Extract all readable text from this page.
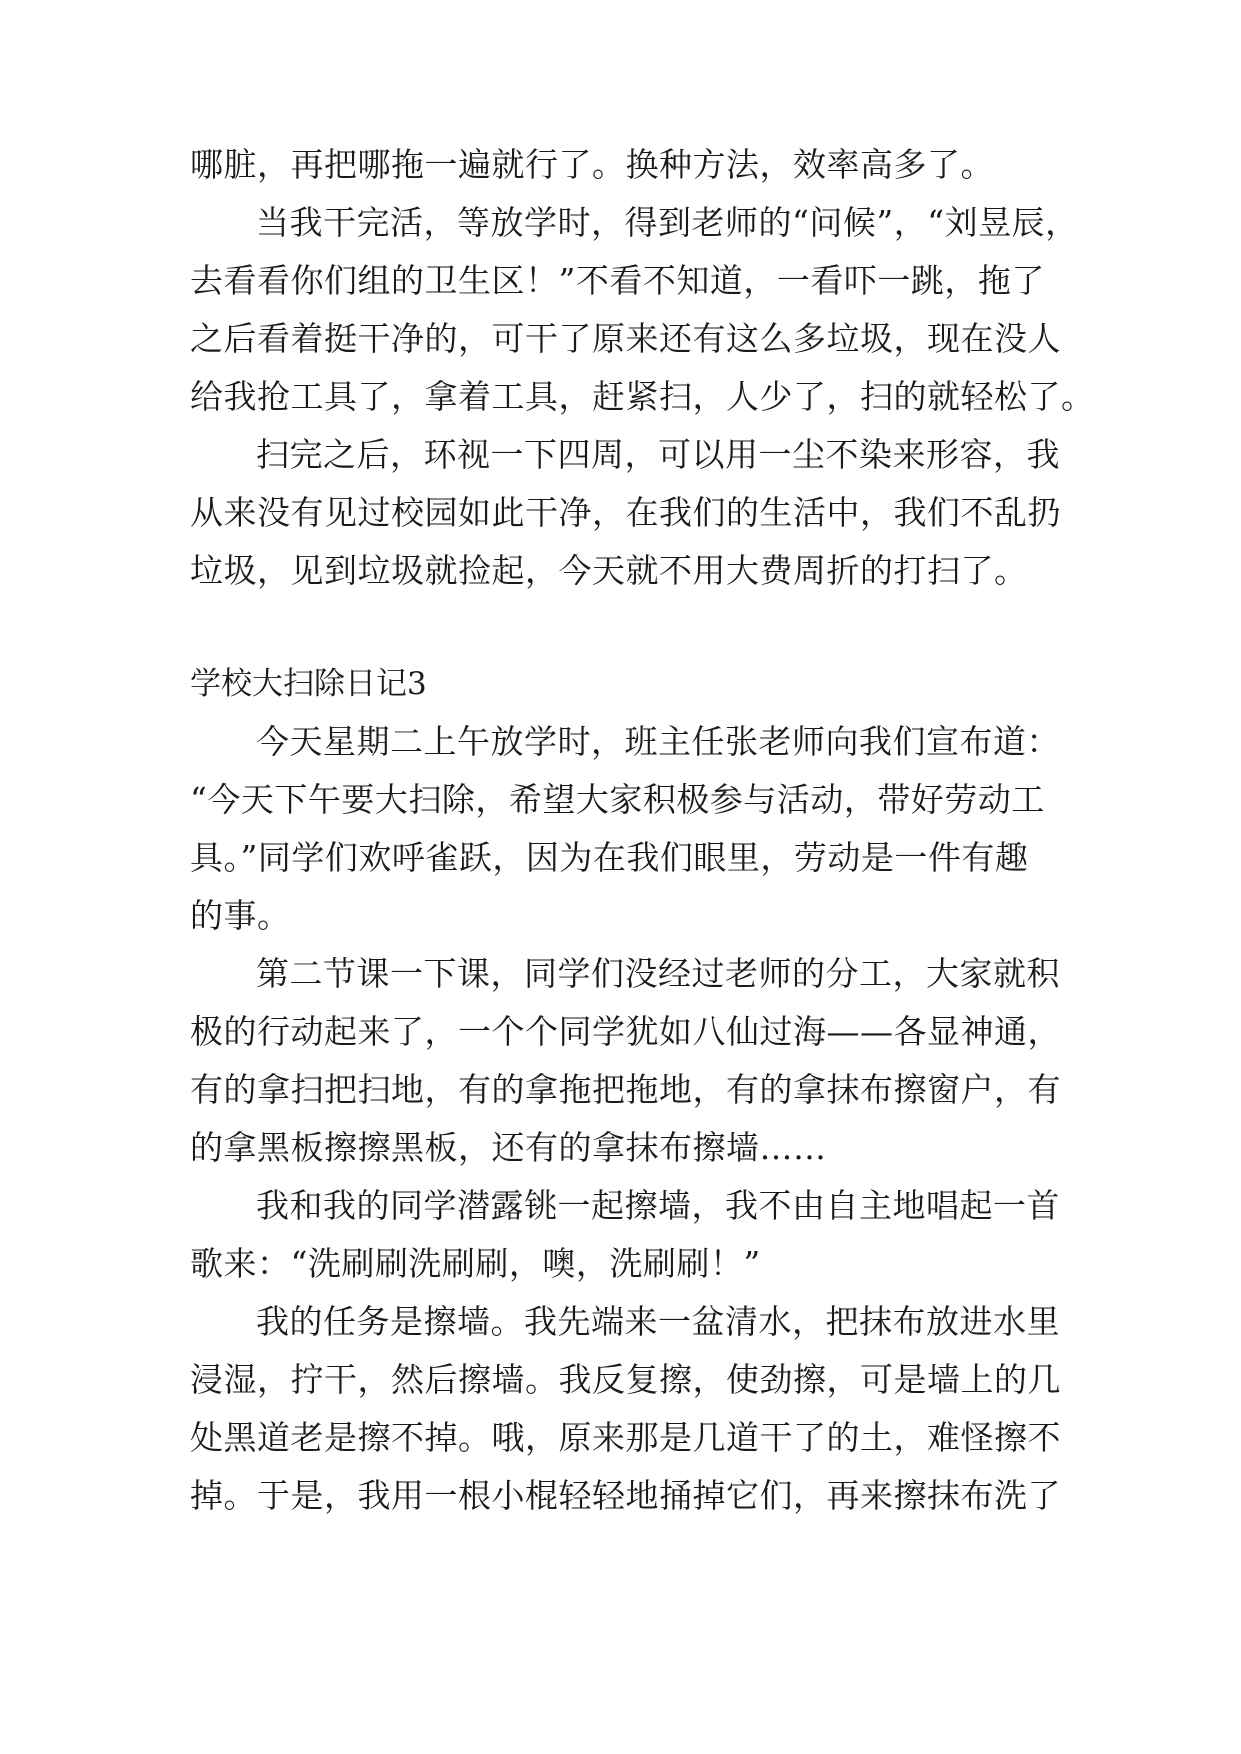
哪脏，再把哪拖一遍就行了。换种方法，效率高多了。
当我干完活，等放学时，得到老师的“问候”，“刘昱辰，
去看看你们组的卫生区！”不看不知道，一看吓一跳，拖了
之后看着挺干净的，可干了原来还有这么多垃圾，现在没人
给我抢工具了，拿着工具，赶紧扫，人少了，扫的就轻松了。
扫完之后，环视一下四周，可以用一尘不染来形容，我
从来没有见过校园如此干净，在我们的生活中，我们不乱扔
垃圾，见到垃圾就捡起，今天就不用大费周折的打扫了。
学校大扫除日记3
今天星期二上午放学时，班主任张老师向我们宣布道：
“今天下午要大扫除，希望大家积极参与活动，带好劳动工
具。”同学们欢呼雀跃，因为在我们眼里，劳动是一件有趣
的事。
第二节课一下课，同学们没经过老师的分工，大家就积
极的行动起来了，一个个同学犹如八仙过海——各显神通，
有的拿扫把扫地，有的拿拖把拖地，有的拿抹布擦窗户，有
的拿黑板擦擦黑板，还有的拿抹布擦墙……
我和我的同学潜露铫一起擦墙，我不由自主地唱起一首
歌来：“洗刷刷洗刷刷，噢，洗刷刷！”
我的任务是擦墙。我先端来一盆清水，把抹布放进水里
浸湿，拧干，然后擦墙。我反复擦，使劲擦，可是墙上的几
处黑道老是擦不掉。哦，原来那是几道干了的土，难怪擦不
掉。于是，我用一根小棍轻轻地捅掉它们，再来擦抹布洗了
